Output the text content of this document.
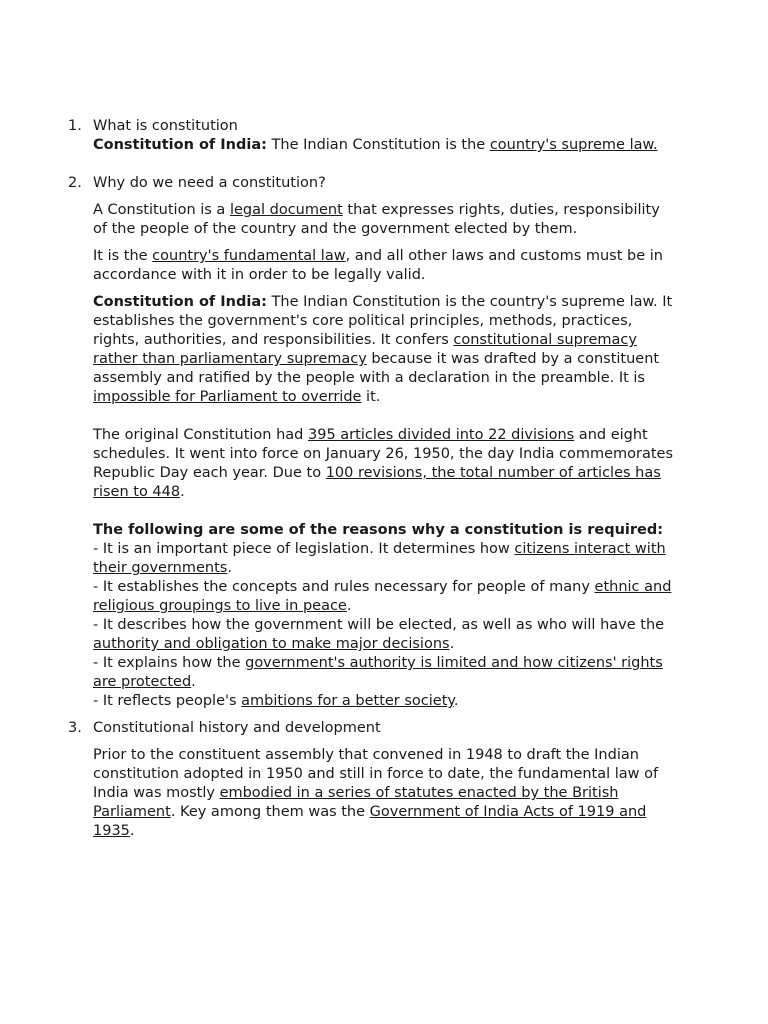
1. What is constitution

Constitution of India: The Indian Constitution is the country's supreme law.

2. Why do we need a constitution?

A Constitution is a legal document that expresses rights, duties, responsibility of the people of the country and the government elected by them.

It is the country's fundamental law, and all other laws and customs must be in accordance with it in order to be legally valid.

Constitution of India: The Indian Constitution is the country's supreme law. It establishes the government's core political principles, methods, practices, rights, authorities, and responsibilities. It confers constitutional supremacy rather than parliamentary supremacy because it was drafted by a constituent assembly and ratified by the people with a declaration in the preamble. It is impossible for Parliament to override it.

The original Constitution had 395 articles divided into 22 divisions and eight schedules. It went into force on January 26, 1950, the day India commemorates Republic Day each year. Due to 100 revisions, the total number of articles has risen to 448.

The following are some of the reasons why a constitution is required:

- It is an important piece of legislation. It determines how citizens interact with their governments.

- It establishes the concepts and rules necessary for people of many ethnic and religious groupings to live in peace.

- It describes how the government will be elected, as well as who will have the authority and obligation to make major decisions.

- It explains how the government's authority is limited and how citizens' rights are protected.

- It reflects people's ambitions for a better society.

3. Constitutional history and development

Prior to the constituent assembly that convened in 1948 to draft the Indian constitution adopted in 1950 and still in force to date, the fundamental law of India was mostly embodied in a series of statutes enacted by the British Parliament. Key among them was the Government of India Acts of 1919 and 1935.
